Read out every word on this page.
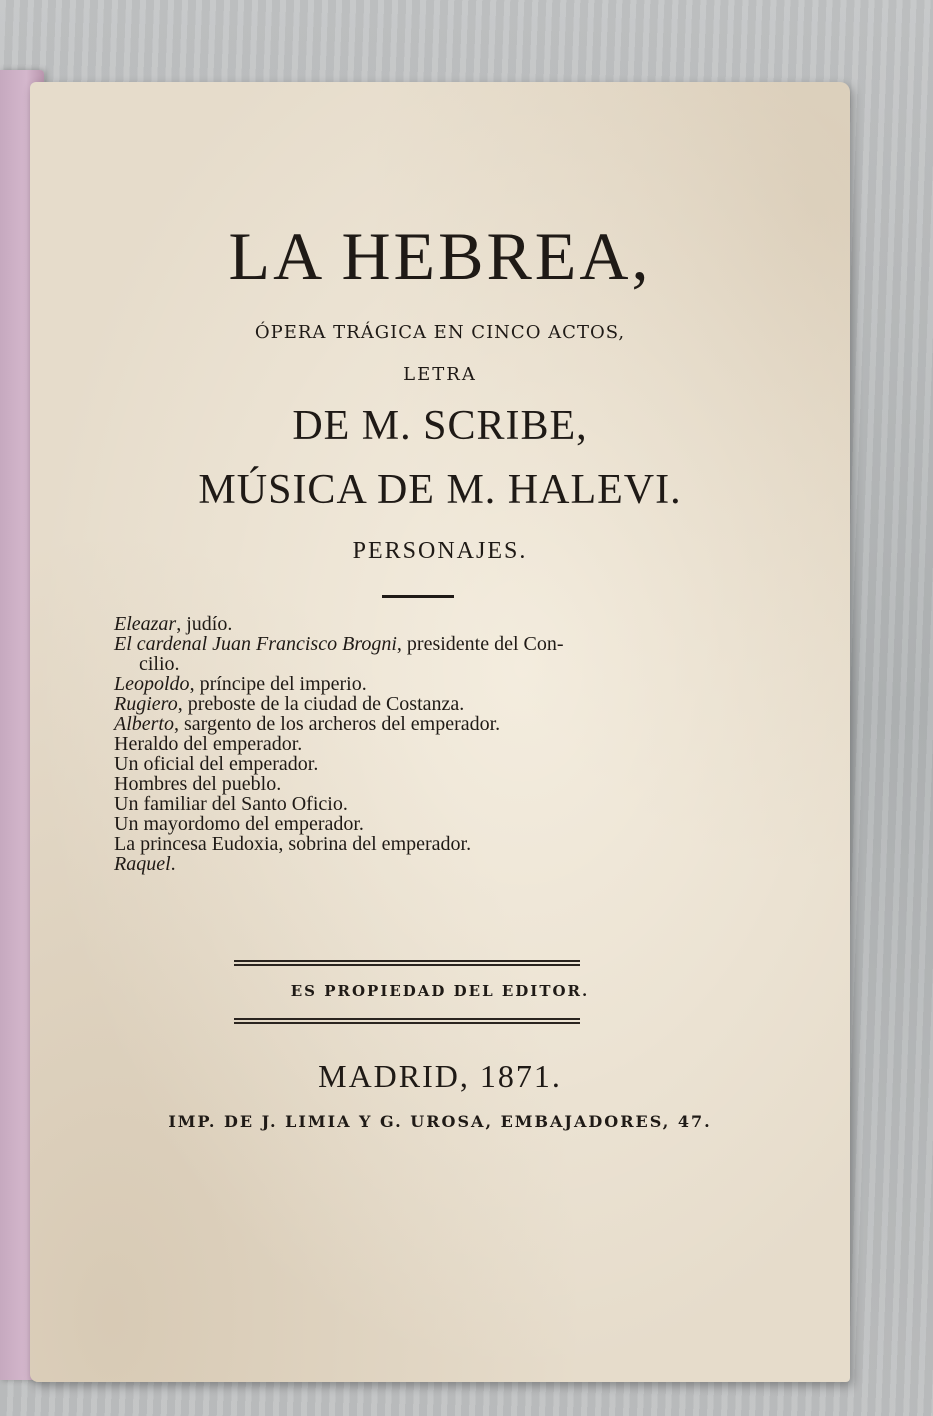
LA HEBREA,
ÓPERA TRÁGICA EN CINCO ACTOS,
LETRA
DE M. SCRIBE,
MÚSICA DE M. HALEVI.
PERSONAJES.
Eleazar, judío.
El cardenal Juan Francisco Brogni, presidente del Con-
cilio.
Leopoldo, príncipe del imperio.
Rugiero, preboste de la ciudad de Costanza.
Alberto, sargento de los archeros del emperador.
Heraldo del emperador.
Un oficial del emperador.
Hombres del pueblo.
Un familiar del Santo Oficio.
Un mayordomo del emperador.
La princesa Eudoxia, sobrina del emperador.
Raquel.
ES PROPIEDAD DEL EDITOR.
MADRID, 1871.
IMP. DE J. LIMIA Y G. UROSA, EMBAJADORES, 47.
